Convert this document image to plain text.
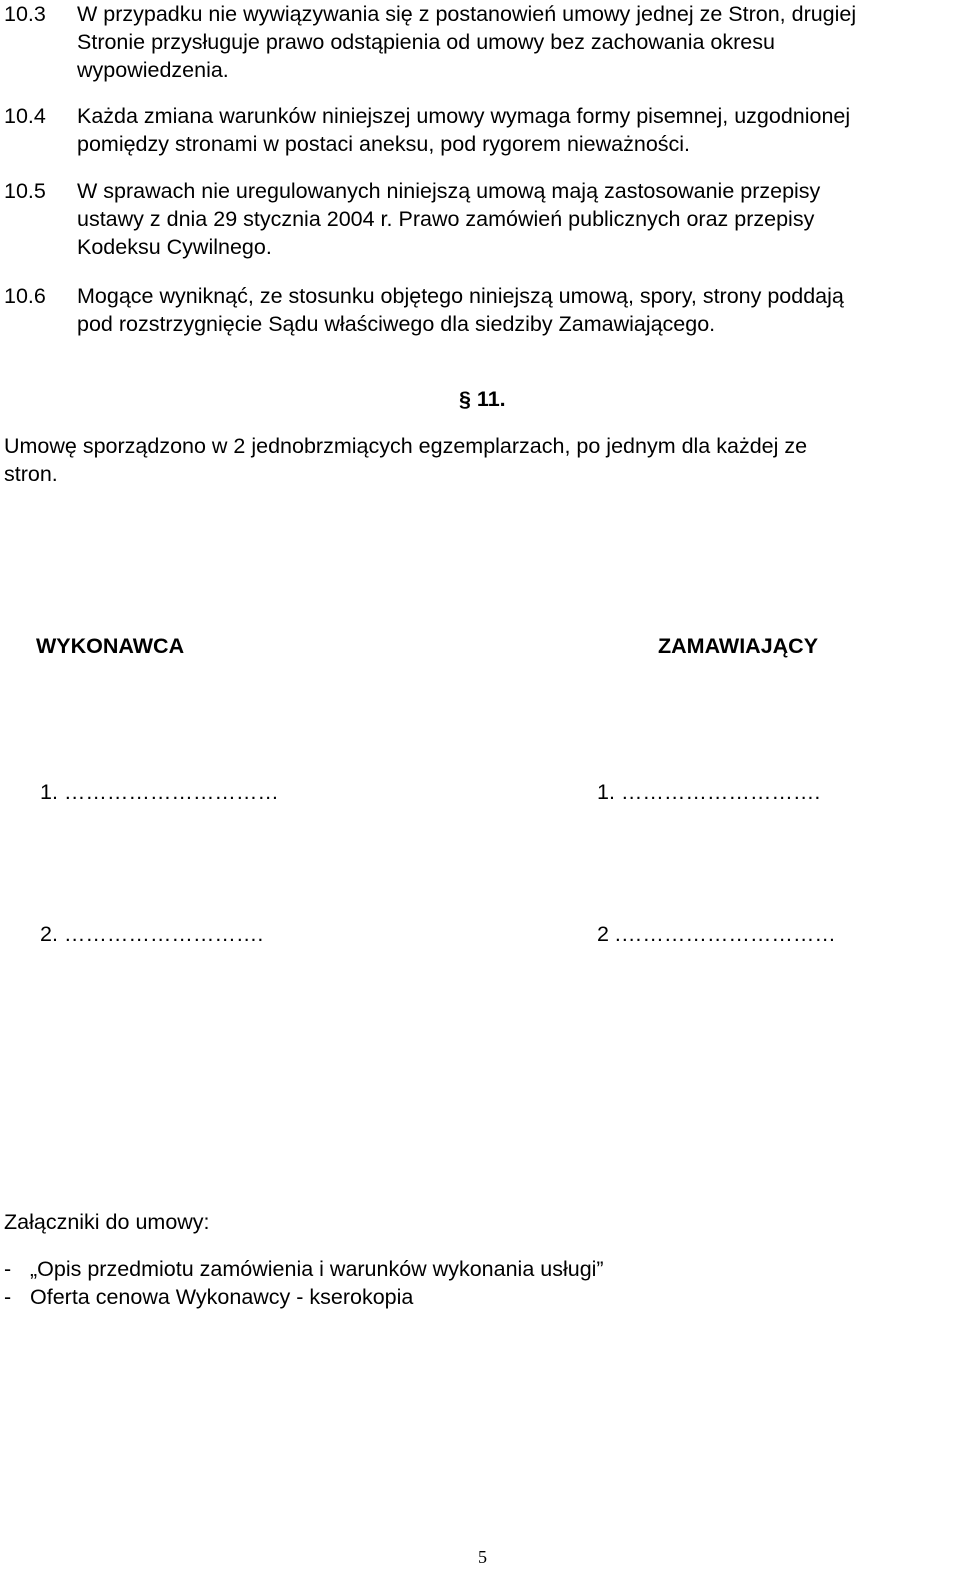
10.3 W przypadku nie wywiązywania się z postanowień umowy jednej ze Stron, drugiej
Stronie przysługuje prawo odstąpienia od umowy bez zachowania okresu
wypowiedzenia.
10.4 Każda zmiana warunków niniejszej umowy wymaga formy pisemnej, uzgodnionej
pomiędzy stronami w postaci aneksu, pod rygorem nieważności.
10.5 W sprawach nie uregulowanych niniejszą umową mają zastosowanie przepisy
ustawy z dnia 29 stycznia 2004 r. Prawo zamówień publicznych oraz przepisy
Kodeksu Cywilnego.
10.6 Mogące wyniknąć, ze stosunku objętego niniejszą umową, spory, strony poddają
pod rozstrzygnięcie Sądu właściwego dla siedziby Zamawiającego.
§ 11.
Umowę sporządzono w 2 jednobrzmiących egzemplarzach, po jednym dla każdej ze
stron.
WYKONAWCA	ZAMAWIAJĄCY
1. …………………………	1. ……………………….
2. ……………………….	2 .…………………………
Załączniki do umowy:
- „Opis przedmiotu zamówienia i warunków wykonania usługi”
- Oferta cenowa Wykonawcy - kserokopia
5
